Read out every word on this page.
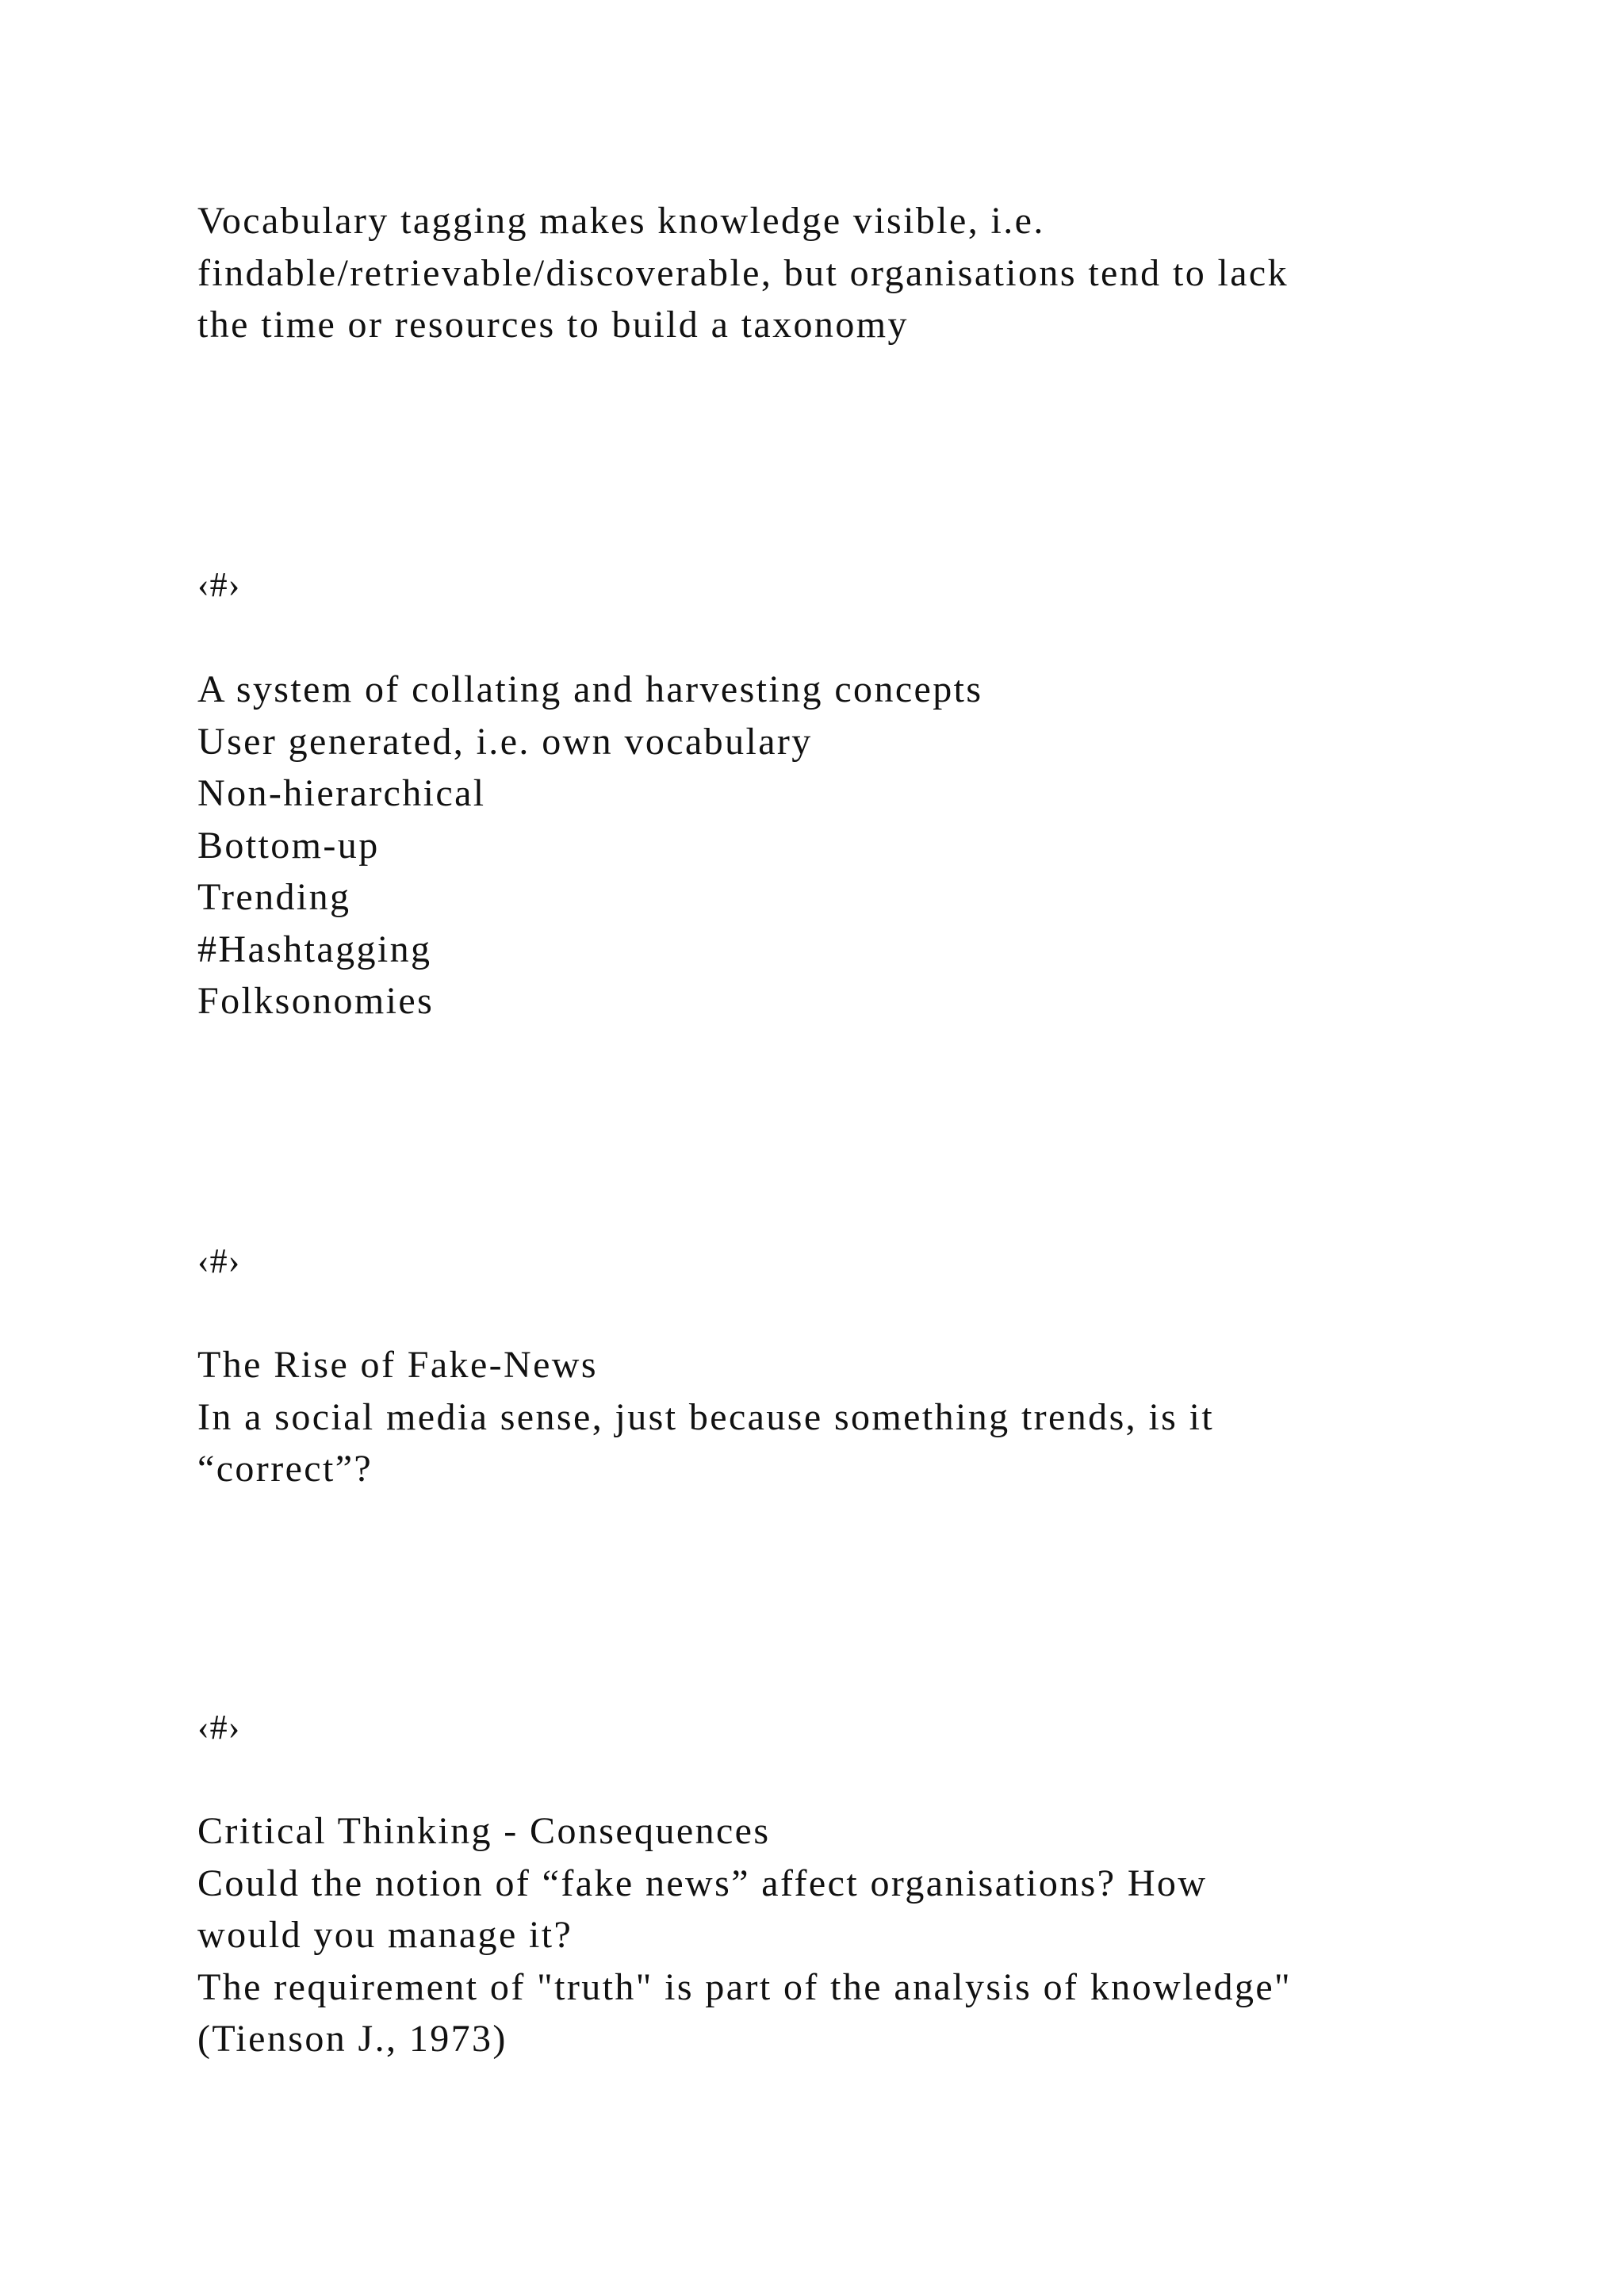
Vocabulary tagging makes knowledge visible, i.e.
findable/retrievable/discoverable, but organisations tend to lack
the time or resources to build a taxonomy
‹#›
A system of collating and harvesting concepts
User generated, i.e. own vocabulary
Non-hierarchical
Bottom-up
Trending
#Hashtagging
Folksonomies
‹#›
The Rise of Fake-News
In a social media sense, just because something trends, is it
“correct”?
‹#›
Critical Thinking - Consequences
Could the notion of “fake news” affect organisations? How
would you manage it?
The requirement of "truth" is part of the analysis of knowledge"
(Tienson J., 1973)
